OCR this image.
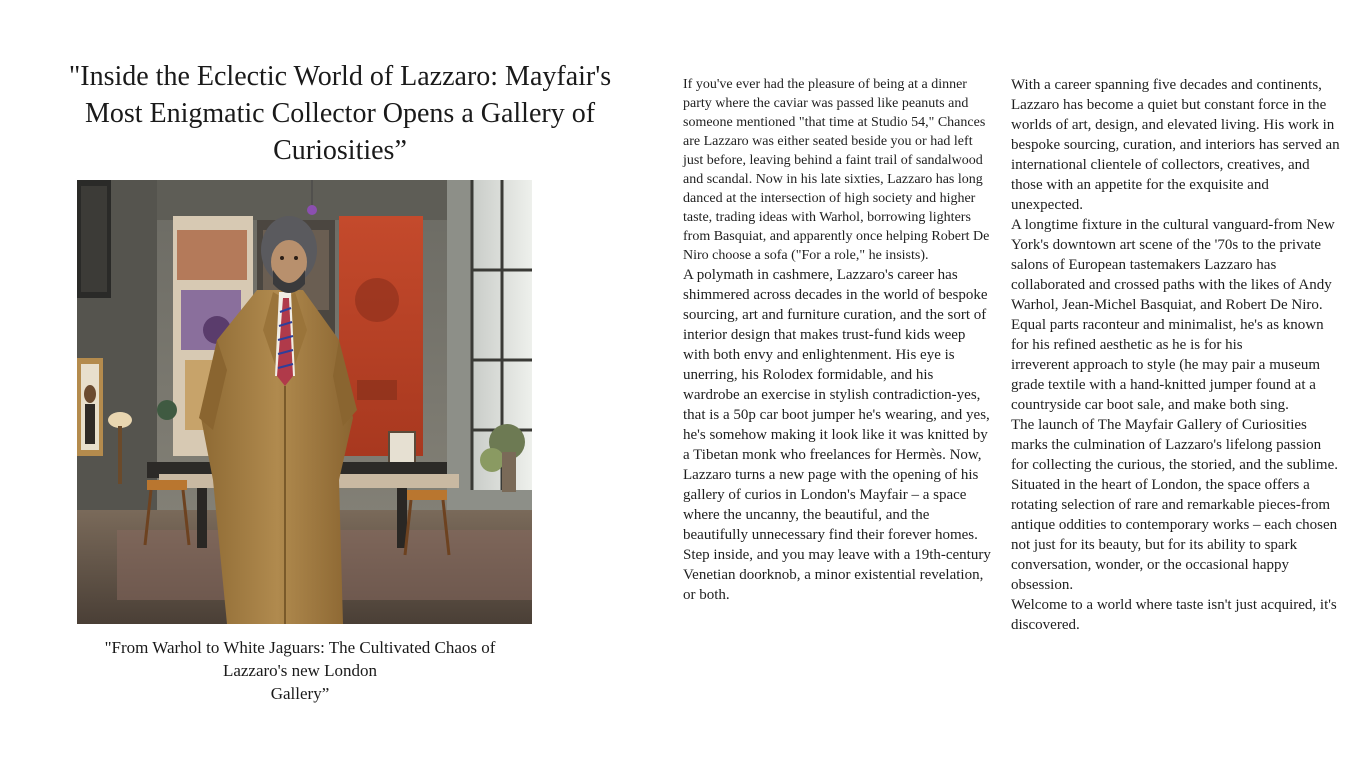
"Inside the Eclectic World of Lazzaro: Mayfair's Most Enigmatic Collector Opens a Gallery of Curiosities”
"From Warhol to White Jaguars: The Cultivated Chaos of
Lazzaro's new London
Gallery”

If you've ever had the pleasure of being at a dinner party where the caviar was passed like peanuts and someone mentioned "that time at Studio 54," Chances are Lazzaro was either seated beside you or had left just before, leaving behind a faint trail of sandalwood and scandal. Now in his late sixties, Lazzaro has long danced at the intersection of high society and higher taste, trading ideas with Warhol, borrowing lighters from Basquiat, and apparently once helping Robert De Niro choose a sofa ("For a role," he insists).

A polymath in cashmere, Lazzaro's career has shimmered across decades in the world of bespoke sourcing, art and furniture curation, and the sort of interior design that makes trust-fund kids weep with both envy and enlightenment. His eye is unerring, his Rolodex formidable, and his wardrobe an exercise in stylish contradiction-yes, that is a 50p car boot jumper he's wearing, and yes, he's somehow making it look like it was knitted by a Tibetan monk who freelances for Hermès. Now, Lazzaro turns a new page with the opening of his gallery of curios in London's Mayfair – a space where the uncanny, the beautiful, and the beautifully unnecessary find their forever homes. Step inside, and you may leave with a 19th-century Venetian doorknob, a minor existential revelation, or both.

With a career spanning five decades and continents, Lazzaro has become a quiet but constant force in the worlds of art, design, and elevated living. His work in bespoke sourcing, curation, and interiors has served an international clientele of collectors, creatives, and those with an appetite for the exquisite and unexpected.

A longtime fixture in the cultural vanguard-from New York's downtown art scene of the '70s to the private salons of European tastemakers Lazzaro has collaborated and crossed paths with the likes of Andy Warhol, Jean-Michel Basquiat, and Robert De Niro. Equal parts raconteur and minimalist, he's as known for his refined aesthetic as he is for his

irreverent approach to style (he may pair a museum grade textile with a hand-knitted jumper found at a countryside car boot sale, and make both sing.

The launch of The Mayfair Gallery of Curiosities marks the culmination of Lazzaro's lifelong passion for collecting the curious, the storied, and the sublime. Situated in the heart of London, the space offers a rotating selection of rare and remarkable pieces-from antique oddities to contemporary works – each chosen not just for its beauty, but for its ability to spark conversation, wonder, or the occasional happy obsession.

Welcome to a world where taste isn't just acquired, it's discovered.
